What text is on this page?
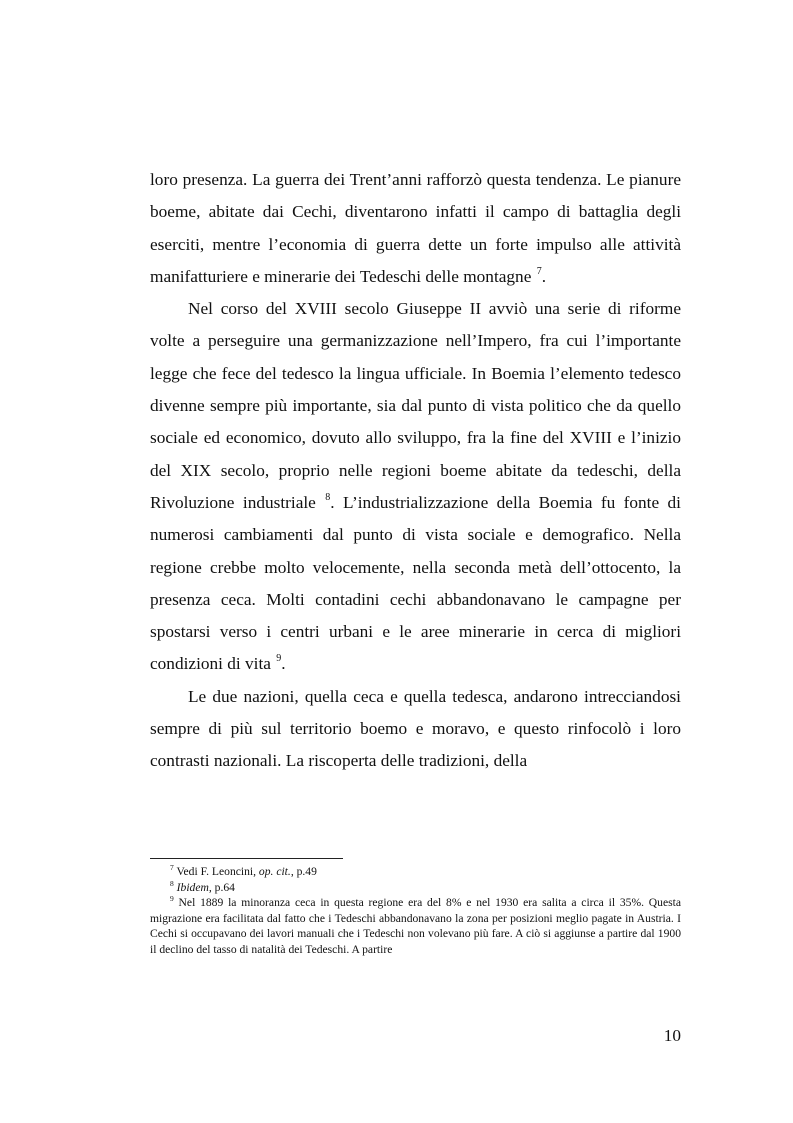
loro presenza. La guerra dei Trent’anni rafforzò questa tendenza. Le pianure boeme, abitate dai Cechi, diventarono infatti il campo di battaglia degli eserciti, mentre l’economia di guerra dette un forte impulso alle attività manifatturiere e minerarie dei Tedeschi delle montagne $^7$.

Nel corso del XVIII secolo Giuseppe II avviò una serie di riforme volte a perseguire una germanizzazione nell’Impero, fra cui l’importante legge che fece del tedesco la lingua ufficiale. In Boemia l’elemento tedesco divenne sempre più importante, sia dal punto di vista politico che da quello sociale ed economico, dovuto allo sviluppo, fra la fine del XVIII e l’inizio del XIX secolo, proprio nelle regioni boeme abitate da tedeschi, della Rivoluzione industriale $^8$. L’industrializzazione della Boemia fu fonte di numerosi cambiamenti dal punto di vista sociale e demografico. Nella regione crebbe molto velocemente, nella seconda metà dell’ottocento, la presenza ceca. Molti contadini cechi abbandonavano le campagne per spostarsi verso i centri urbani e le aree minerarie in cerca di migliori condizioni di vita $^9$.

Le due nazioni, quella ceca e quella tedesca, andarono intrecciandosi sempre di più sul territorio boemo e moravo, e questo rinfocolò i loro contrasti nazionali. La riscoperta delle tradizioni, della

$^7$ Vedi F. Leoncini, op. cit., p.49

$^8$ Ibidem, p.64

$^9$ Nel 1889 la minoranza ceca in questa regione era del 8% e nel 1930 era salita a circa il 35%. Questa migrazione era facilitata dal fatto che i Tedeschi abbandonavano la zona per posizioni meglio pagate in Austria. I Cechi si occupavano dei lavori manuali che i Tedeschi non volevano più fare. A ciò si aggiunse a partire dal 1900 il declino del tasso di natalità dei Tedeschi. A partire

10
